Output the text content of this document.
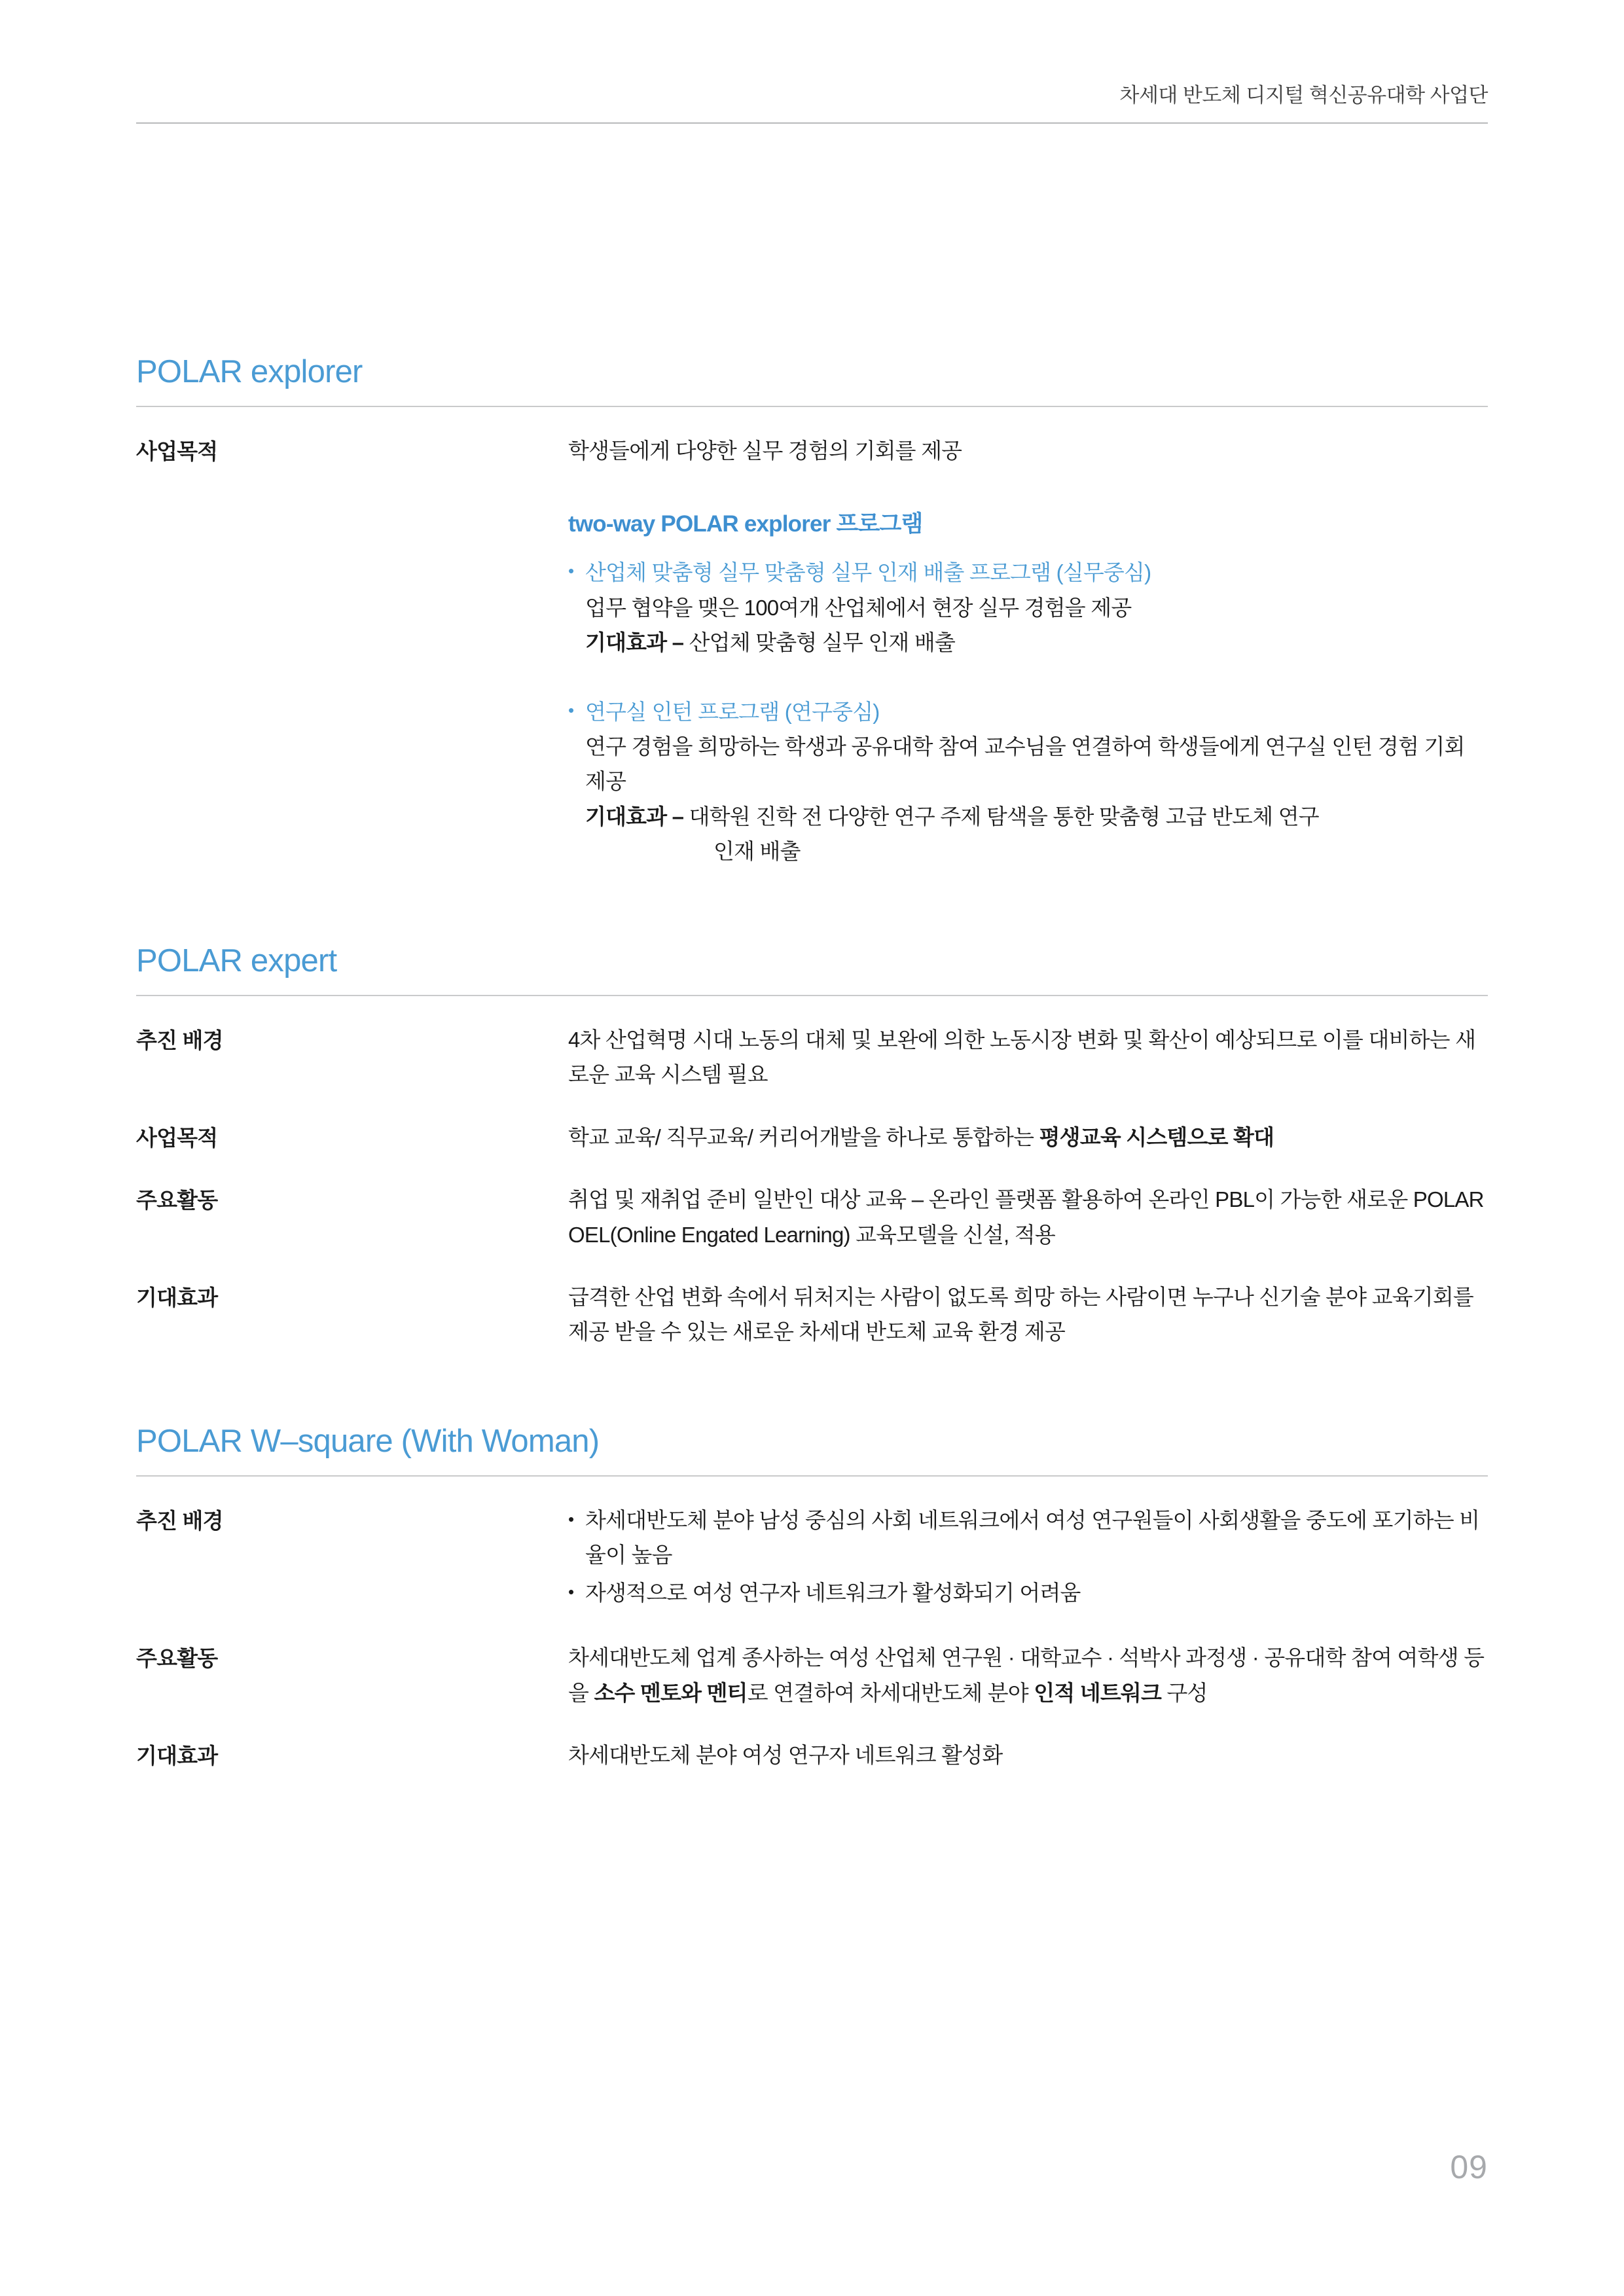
차세대 반도체 디지털 혁신공유대학 사업단
POLAR explorer
사업목적	학생들에게 다양한 실무 경험의 기회를 제공
two-way POLAR explorer 프로그램
• 산업체 맞춤형 실무 맞춤형 실무 인재 배출 프로그램 (실무중심)
업무 협약을 맺은 100여개 산업체에서 현장 실무 경험을 제공
기대효과 – 산업체 맞춤형 실무 인재 배출
• 연구실 인턴 프로그램 (연구중심)
연구 경험을 희망하는 학생과 공유대학 참여 교수님을 연결하여 학생들에게 연구실 인턴 경험 기회 제공
기대효과 – 대학원 진학 전 다양한 연구 주제 탐색을 통한 맞춤형 고급 반도체 연구
인재 배출
POLAR expert
추진 배경	4차 산업혁명 시대 노동의 대체 및 보완에 의한 노동시장 변화 및 확산이 예상되므로 이를 대비하는 새로운 교육 시스템 필요
사업목적	학교 교육/ 직무교육/ 커리어개발을 하나로 통합하는 평생교육 시스템으로 확대
주요활동	취업 및 재취업 준비 일반인 대상 교육 – 온라인 플랫폼 활용하여 온라인 PBL이 가능한 새로운 POLAR OEL(Online Engated Learning) 교육모델을 신설, 적용
기대효과	급격한 산업 변화 속에서 뒤처지는 사람이 없도록 희망 하는 사람이면 누구나 신기술 분야 교육기회를 제공 받을 수 있는 새로운 차세대 반도체 교육 환경 제공
POLAR W–square (With Woman)
추진 배경	• 차세대반도체 분야 남성 중심의 사회 네트워크에서 여성 연구원들이 사회생활을 중도에 포기하는 비율이 높음
• 자생적으로 여성 연구자 네트워크가 활성화되기 어려움
주요활동	차세대반도체 업계 종사하는 여성 산업체 연구원 · 대학교수 · 석박사 과정생 · 공유대학 참여 여학생 등을 소수 멘토와 멘티로 연결하여 차세대반도체 분야 인적 네트워크 구성
기대효과	차세대반도체 분야 여성 연구자 네트워크 활성화
09
